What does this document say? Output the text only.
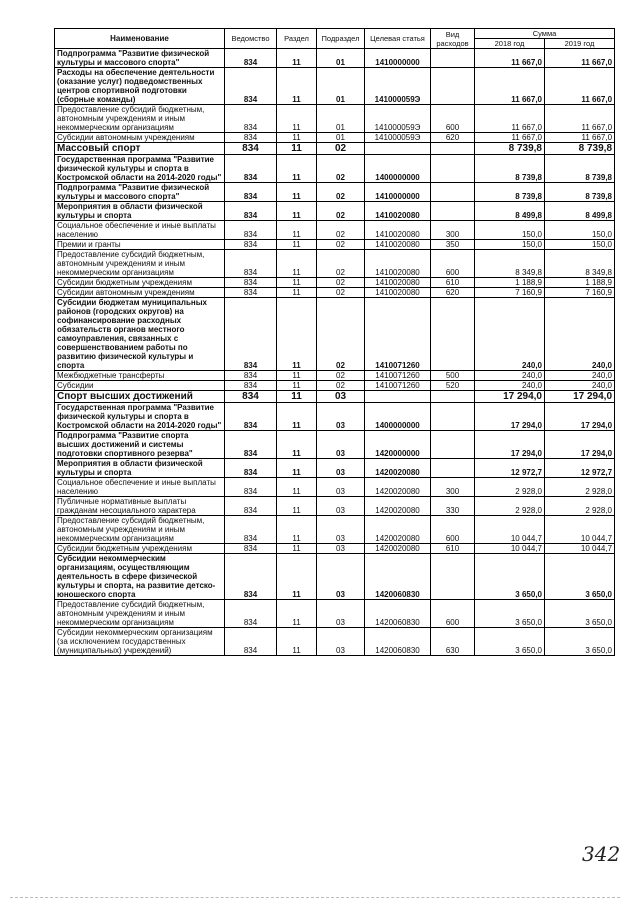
Наименование	Ведомство	Раздел	Подраздел	Целевая статья	Вид расходов	Сумма	
						2018 год	2019 год
Подпрограмма "Развитие физической культуры и массового спорта"	834	11	01	1410000000		11 667,0	11 667,0
Расходы на обеспечение деятельности (оказание услуг) подведомственных центров спортивной подготовки (сборные команды)	834	11	01	141000059Э		11 667,0	11 667,0
Предоставление субсидий бюджетным, автономным учреждениям и иным некоммерческим организациям	834	11	01	141000059Э	600	11 667,0	11 667,0
Субсидии автономным учреждениям	834	11	01	141000059Э	620	11 667,0	11 667,0
Массовый спорт	834	11	02			8 739,8	8 739,8
Государственная программа "Развитие физической культуры и спорта в Костромской области на 2014-2020 годы"	834	11	02	1400000000		8 739,8	8 739,8
Подпрограмма "Развитие физической культуры и массового спорта"	834	11	02	1410000000		8 739,8	8 739,8
Мероприятия в области физической культуры и спорта	834	11	02	1410020080		8 499,8	8 499,8
Социальное обеспечение и иные выплаты населению	834	11	02	1410020080	300	150,0	150,0
Премии и гранты	834	11	02	1410020080	350	150,0	150,0
Предоставление субсидий бюджетным, автономным учреждениям и иным некоммерческим организациям	834	11	02	1410020080	600	8 349,8	8 349,8
Субсидии бюджетным учреждениям	834	11	02	1410020080	610	1 188,9	1 188,9
Субсидии автономным учреждениям	834	11	02	1410020080	620	7 160,9	7 160,9
Субсидии бюджетам муниципальных районов (городских округов) на софинансирование расходных обязательств органов местного самоуправления, связанных с совершенствованием работы по развитию физической культуры и спорта	834	11	02	1410071260		240,0	240,0
Межбюджетные трансферты	834	11	02	1410071260	500	240,0	240,0
Субсидии	834	11	02	1410071260	520	240,0	240,0
Спорт высших достижений	834	11	03			17 294,0	17 294,0
Государственная программа "Развитие физической культуры и спорта в Костромской области на 2014-2020 годы"	834	11	03	1400000000		17 294,0	17 294,0
Подпрограмма "Развитие спорта высших достижений и системы подготовки спортивного резерва"	834	11	03	1420000000		17 294,0	17 294,0
Мероприятия в области физической культуры и спорта	834	11	03	1420020080		12 972,7	12 972,7
Социальное обеспечение и иные выплаты населению	834	11	03	1420020080	300	2 928,0	2 928,0
Публичные нормативные выплаты гражданам несоциального характера	834	11	03	1420020080	330	2 928,0	2 928,0
Предоставление субсидий бюджетным, автономным учреждениям и иным некоммерческим организациям	834	11	03	1420020080	600	10 044,7	10 044,7
Субсидии бюджетным учреждениям	834	11	03	1420020080	610	10 044,7	10 044,7
Субсидии некоммерческим организациям, осуществляющим деятельность в сфере физической культуры и спорта, на развитие детско-юношеского спорта	834	11	03	1420060830		3 650,0	3 650,0
Предоставление субсидий бюджетным, автономным учреждениям и иным некоммерческим организациям	834	11	03	1420060830	600	3 650,0	3 650,0
Субсидии некоммерческим организациям (за исключением государственных (муниципальных) учреждений)	834	11	03	1420060830	630	3 650,0	3 650,0
342
